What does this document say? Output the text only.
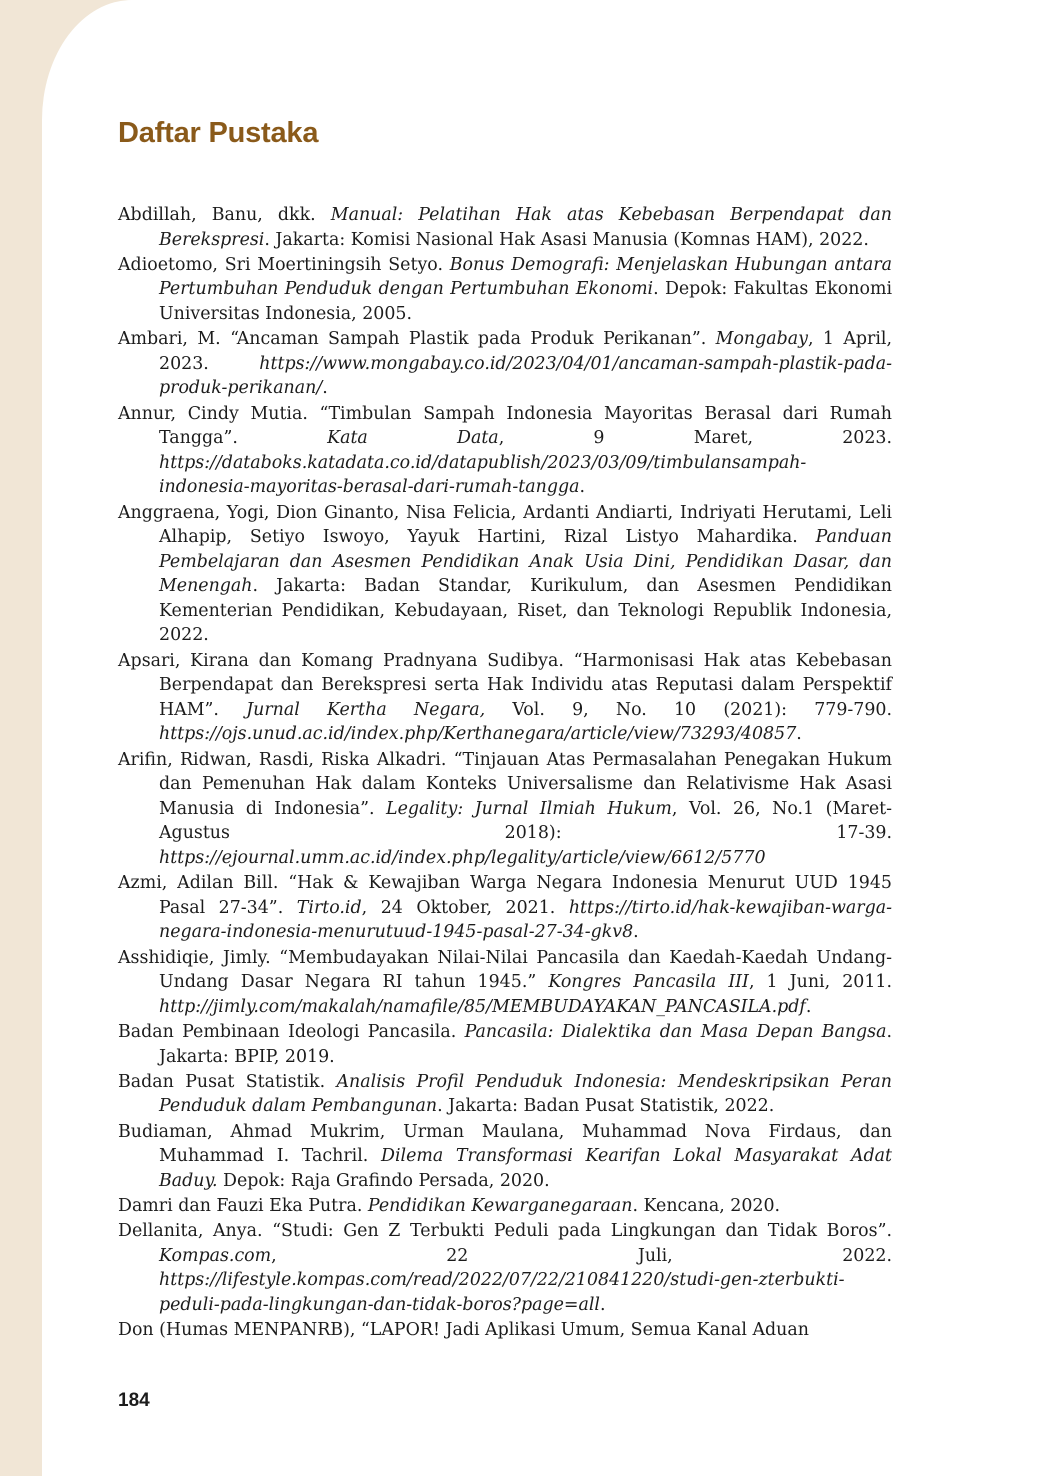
Daftar Pustaka
Abdillah, Banu, dkk. Manual: Pelatihan Hak atas Kebebasan Berpendapat dan Berekspresi. Jakarta: Komisi Nasional Hak Asasi Manusia (Komnas HAM), 2022.
Adioetomo, Sri Moertiningsih Setyo. Bonus Demografi: Menjelaskan Hubungan antara Pertumbuhan Penduduk dengan Pertumbuhan Ekonomi. Depok: Fakultas Ekonomi Universitas Indonesia, 2005.
Ambari, M. “Ancaman Sampah Plastik pada Produk Perikanan”. Mongabay, 1 April, 2023. https://www.mongabay.co.id/2023/04/01/ancaman-sampah-plastik-pada-produk-perikanan/.
Annur, Cindy Mutia. “Timbulan Sampah Indonesia Mayoritas Berasal dari Rumah Tangga”. Kata Data, 9 Maret, 2023. https://databoks.katadata.co.id/datapublish/2023/03/09/timbulansampah-indonesia-mayoritas-berasal-dari-rumah-tangga.
Anggraena, Yogi, Dion Ginanto, Nisa Felicia, Ardanti Andiarti, Indriyati Herutami, Leli Alhapip, Setiyo Iswoyo, Yayuk Hartini, Rizal Listyo Mahardika. Panduan Pembelajaran dan Asesmen Pendidikan Anak Usia Dini, Pendidikan Dasar, dan Menengah. Jakarta: Badan Standar, Kurikulum, dan Asesmen Pendidikan Kementerian Pendidikan, Kebudayaan, Riset, dan Teknologi Republik Indonesia, 2022.
Apsari, Kirana dan Komang Pradnyana Sudibya. “Harmonisasi Hak atas Kebebasan Berpendapat dan Berekspresi serta Hak Individu atas Reputasi dalam Perspektif HAM”. Jurnal Kertha Negara, Vol. 9, No. 10 (2021): 779-790. https://ojs.unud.ac.id/index.php/Kerthanegara/article/view/73293/40857.
Arifin, Ridwan, Rasdi, Riska Alkadri. “Tinjauan Atas Permasalahan Penegakan Hukum dan Pemenuhan Hak dalam Konteks Universalisme dan Relativisme Hak Asasi Manusia di Indonesia”. Legality: Jurnal Ilmiah Hukum, Vol. 26, No.1 (Maret-Agustus 2018): 17-39. https://ejournal.umm.ac.id/index.php/legality/article/view/6612/5770
Azmi, Adilan Bill. “Hak & Kewajiban Warga Negara Indonesia Menurut UUD 1945 Pasal 27-34”. Tirto.id, 24 Oktober, 2021. https://tirto.id/hak-kewajiban-warga-negara-indonesia-menurutuud-1945-pasal-27-34-gkv8.
Asshidiqie, Jimly. “Membudayakan Nilai-Nilai Pancasila dan Kaedah-Kaedah Undang-Undang Dasar Negara RI tahun 1945.” Kongres Pancasila III, 1 Juni, 2011. http://jimly.com/makalah/namafile/85/MEMBUDAYAKAN_PANCASILA.pdf.
Badan Pembinaan Ideologi Pancasila. Pancasila: Dialektika dan Masa Depan Bangsa. Jakarta: BPIP, 2019.
Badan Pusat Statistik. Analisis Profil Penduduk Indonesia: Mendeskripsikan Peran Penduduk dalam Pembangunan. Jakarta: Badan Pusat Statistik, 2022.
Budiaman, Ahmad Mukrim, Urman Maulana, Muhammad Nova Firdaus, dan Muhammad I. Tachril. Dilema Transformasi Kearifan Lokal Masyarakat Adat Baduy. Depok: Raja Grafindo Persada, 2020.
Damri dan Fauzi Eka Putra. Pendidikan Kewarganegaraan. Kencana, 2020.
Dellanita, Anya. “Studi: Gen Z Terbukti Peduli pada Lingkungan dan Tidak Boros”. Kompas.com, 22 Juli, 2022. https://lifestyle.kompas.com/read/2022/07/22/210841220/studi-gen-zterbukti-peduli-pada-lingkungan-dan-tidak-boros?page=all.
Don (Humas MENPANRB), “LAPOR! Jadi Aplikasi Umum, Semua Kanal Aduan
184
